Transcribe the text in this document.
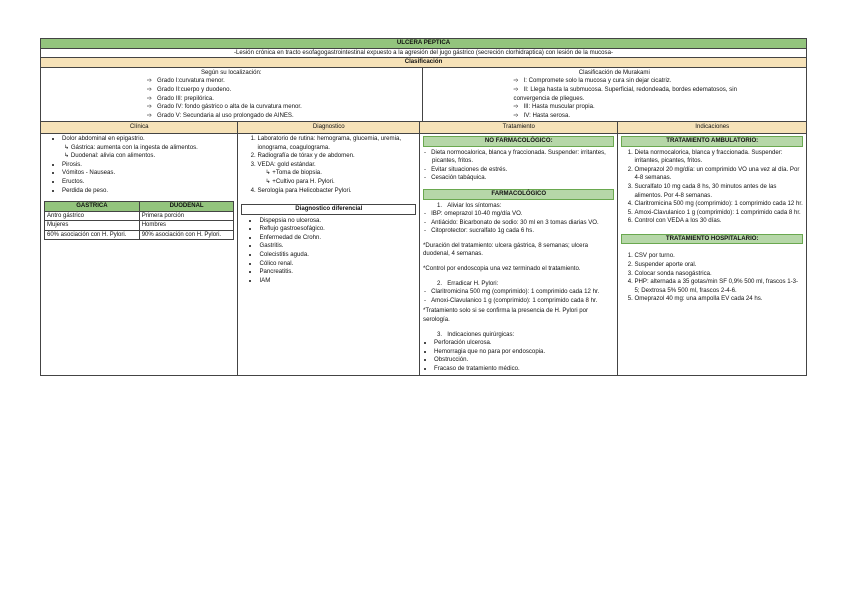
ULCERA PEPTICA
-Lesión crónica en tracto esofagogastrointestinal expuesto a la agresión del jugo gástrico (secreción clorhidraptica) con lesión de la mucosa-
Clasificación
Según su localización:
➩ Grado I:curvatura menor.
➩ Grado II:cuerpo y duodeno.
➩ Grado III: prepilórica.
➩ Grado IV: fondo gástrico o alta de la curvatura menor.
➩ Grado V: Secundaria al uso prolongado de AINES.
Clasificación de Murakami
➩ I: Compromete solo la mucosa y cura sin dejar cicatriz.
➩ II: Llega hasta la submucosa. Superficial, redondeada, bordes edematosos, sin convergencia de pliegues.
➩ III: Hasta muscular propia.
➩ IV: Hasta serosa.
Clínica	Diagnostico	Tratamiento	Indicaciones
• Dolor abdominal en epigastrio.
↳ Gástrica: aumenta con la ingesta de alimentos.
↳ Duodenal: alivia con alimentos.
• Pirosis.
• Vómitos - Nauseas.
• Eructos.
• Perdida de peso.
GASTRICA	DUODENAL
Antro gástrico	Primera porción
Mujeres	Hombres
60% asociación con H. Pylori.	90% asociación con H. Pylori.
1. Laboratorio de rutina: hemograma, glucemia, uremia, ionograma, coagulograma.
2. Radiografía de tórax y de abdomen.
3. VEDA: gold estándar.
↳ +Toma de biopsia.
↳ +Cultivo para H. Pylori.
4. Serología para Helicobacter Pylori.
Diagnostico diferencial
• Dispepsia no ulcerosa.
• Reflujo gastroesofágico.
• Enfermedad de Crohn.
• Gastritis.
• Colecistitis aguda.
• Cólico renal.
• Pancreatitis.
• IAM
NO FARMACOLÓGICO:
- Dieta normocalorica, blanca y fraccionada. Suspender: irritantes, picantes, fritos.
- Evitar situaciones de estrés.
- Cesación tabáquica.
FARMACOLÓGICO
1.   Aliviar los síntomas:
- IBP: omeprazol 10-40 mg/día VO.
- Antiácido: Bicarbonato de sodio: 30 ml en 3 tomas diarias VO.
- Citoprotector: sucralfato 1g cada 6 hs.
*Duración del tratamiento: ulcera gástrica, 8 semanas; ulcera duodenal, 4 semanas.
*Control por endoscopia una vez terminado el tratamiento.
2.   Erradicar H. Pylori:
- Claritromicina 500 mg (comprimido): 1 comprimido cada 12 hr.
- Amoxi-Clavulanico 1 g (comprimido): 1 comprimido cada 8 hr.
*Tratamiento solo si se confirma la presencia de H. Pylori por serología.
3.   Indicaciones quirúrgicas:
• Perforación ulcerosa.
• Hemorragia que no para por endoscopia.
• Obstrucción.
• Fracaso de tratamiento médico.
TRATAMIENTO AMBULATORIO:
1. Dieta normocalorica, blanca y fraccionada. Suspender: irritantes, picantes, fritos.
2. Omeprazol 20 mg/día: un comprimido VO una vez al día. Por 4-8 semanas.
3. Sucralfato 10 mg cada 8 hs, 30 minutos antes de las alimentos. Por 4-8 semanas.
4. Claritromicina 500 mg (comprimido): 1 comprimido cada 12 hr.
5. Amoxi-Clavulanico 1 g (comprimido): 1 comprimido cada 8 hr.
6. Control con VEDA a los 30 días.
TRATAMIENTO HOSPITALARIO:
1. CSV por turno.
2. Suspender aporte oral.
3. Colocar sonda nasogástrica.
4. PHP: alternada a 35 gotas/min SF 0,9% 500 ml, frascos 1-3-5; Dextrosa 5% 500 ml, frascos 2-4-6.
5. Omeprazol 40 mg: una ampolla EV cada 24 hs.
